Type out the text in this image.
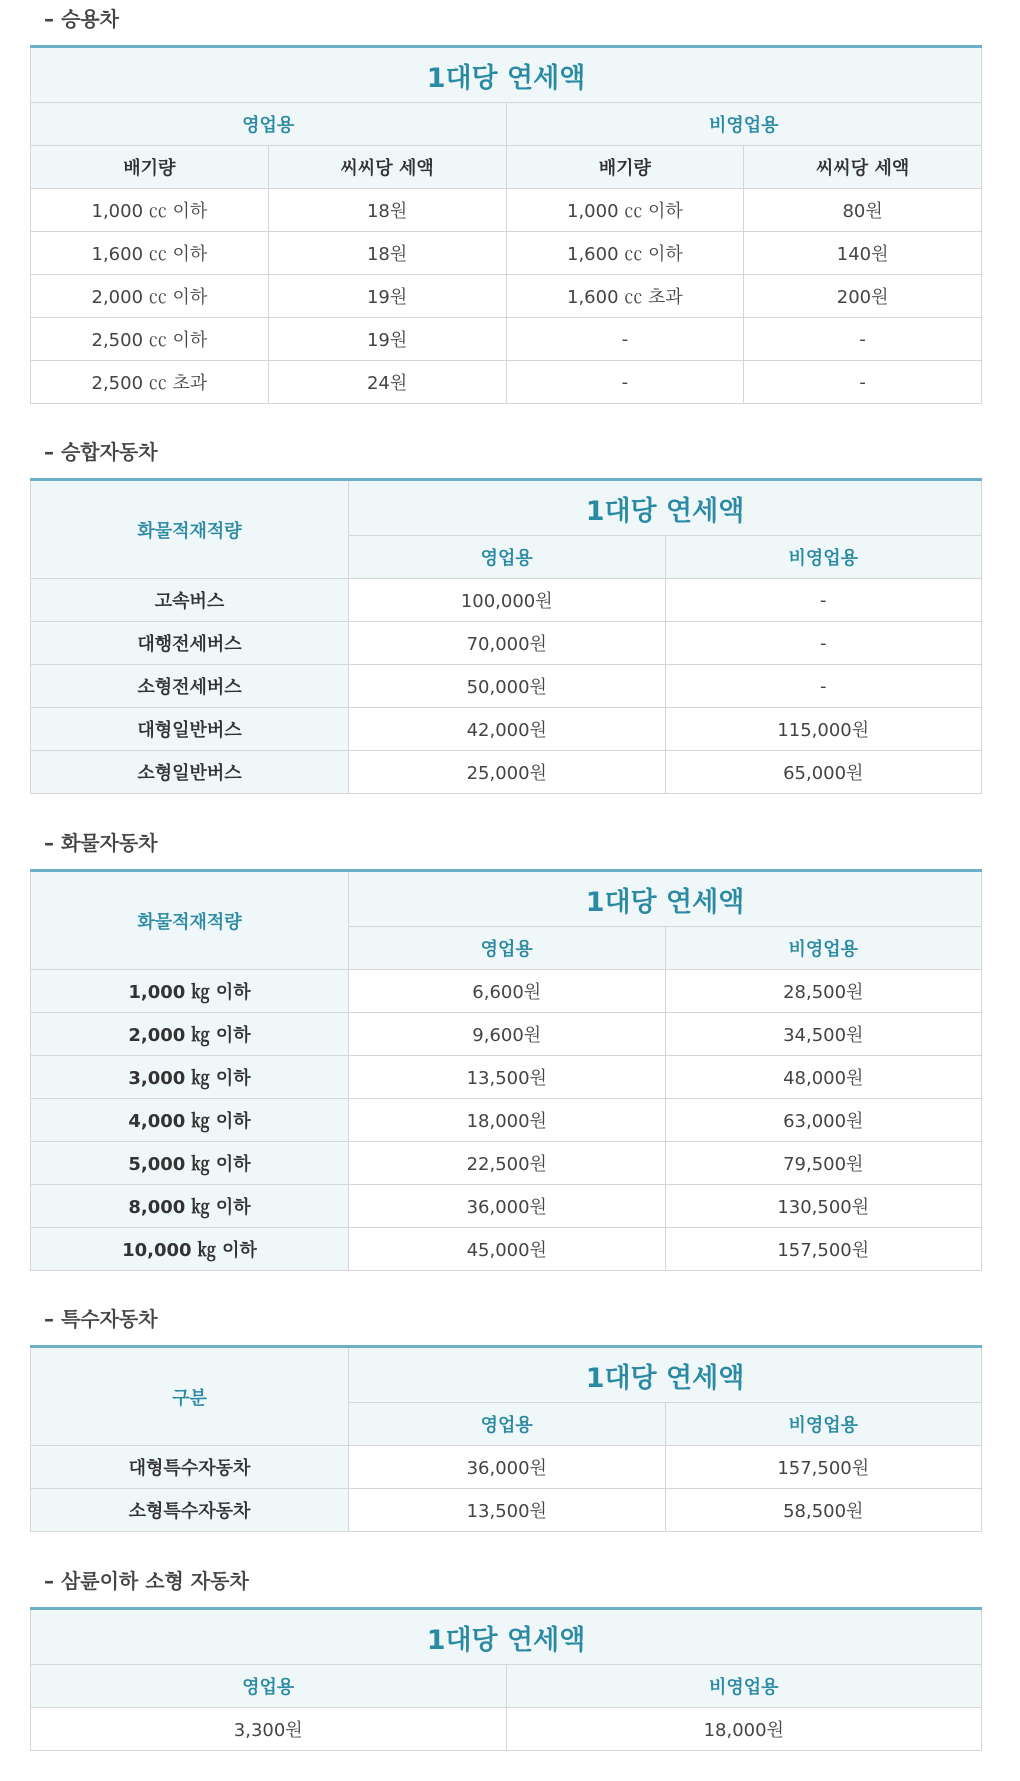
– 승용차
1대당 연세액			
영업용		비영업용	
배기량	씨씨당 세액	배기량	씨씨당 세액
1,000 ㏄ 이하	18원	1,000 ㏄ 이하	80원
1,600 ㏄ 이하	18원	1,600 ㏄ 이하	140원
2,000 ㏄ 이하	19원	1,600 ㏄ 초과	200원
2,500 ㏄ 이하	19원	-	-
2,500 ㏄ 초과	24원	-	-
– 승합자동차
화물적재적량	1대당 연세액	
	영업용	비영업용
고속버스	100,000원	-
대행전세버스	70,000원	-
소형전세버스	50,000원	-
대형일반버스	42,000원	115,000원
소형일반버스	25,000원	65,000원
– 화물자동차
화물적재적량	1대당 연세액	
	영업용	비영업용
1,000 ㎏ 이하	6,600원	28,500원
2,000 ㎏ 이하	9,600원	34,500원
3,000 ㎏ 이하	13,500원	48,000원
4,000 ㎏ 이하	18,000원	63,000원
5,000 ㎏ 이하	22,500원	79,500원
8,000 ㎏ 이하	36,000원	130,500원
10,000 ㎏ 이하	45,000원	157,500원
– 특수자동차
구분	1대당 연세액	
	영업용	비영업용
대형특수자동차	36,000원	157,500원
소형특수자동차	13,500원	58,500원
– 삼륜이하 소형 자동차
1대당 연세액	
영업용	비영업용
3,300원	18,000원
